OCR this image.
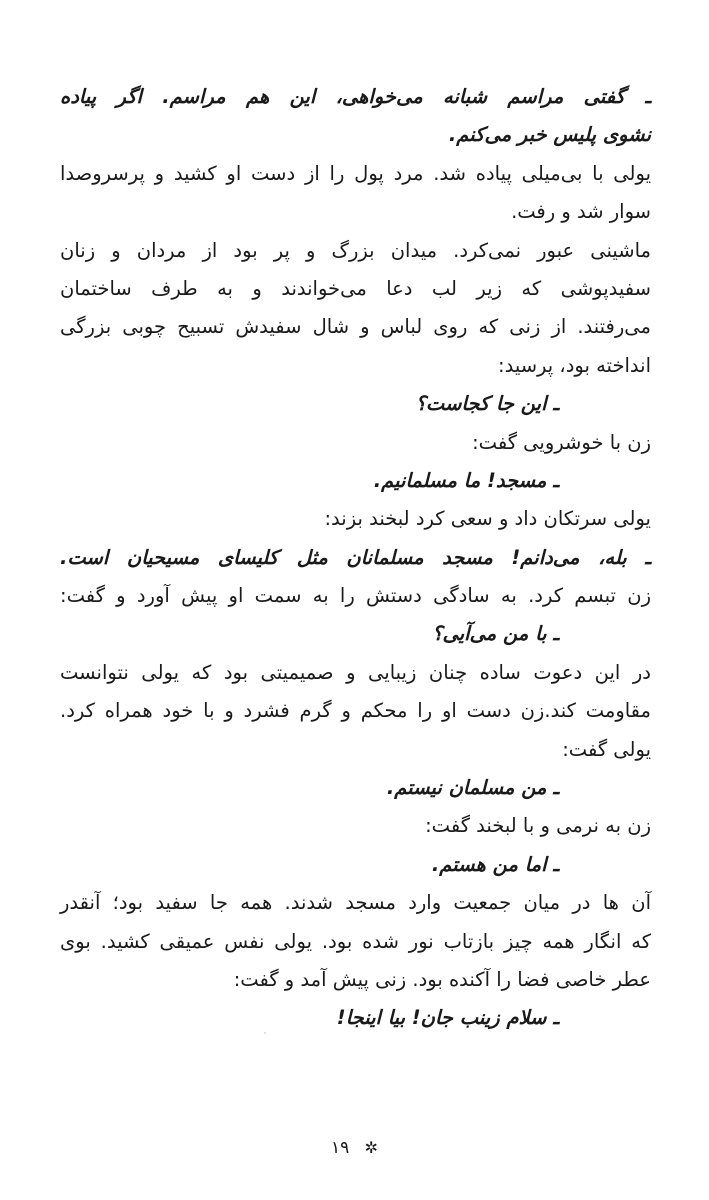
ـ گفتی مراسم شبانه می‌خواهی، این هم مراسم. اگر پیاده
نشوی پلیس خبر می‌کنم.
یولی با بی‌میلی پیاده شد. مرد پول را از دست او کشید و پرسروصدا
سوار شد و رفت.
ماشینی عبور نمی‌کرد. میدان بزرگ و پر بود از مردان و زنان
سفیدپوشی که زیر لب دعا می‌خواندند و به طرف ساختمان
می‌رفتند. از زنی که روی لباس و شال سفیدش تسبیح چوبی بزرگی
انداخته بود، پرسید:
ـ این جا کجاست؟
زن با خوشرویی گفت:
ـ مسجد! ما مسلمانیم.
یولی سرتکان داد و سعی کرد لبخند بزند:
ـ بله، می‌دانم! مسجد مسلمانان مثل کلیسای مسیحیان است.
زن تبسم کرد. به سادگی دستش را به سمت او پیش آورد و گفت:
ـ با من می‌آیی؟
در این دعوت ساده چنان زیبایی و صمیمیتی بود که یولی نتوانست
مقاومت کند.زن دست او را محکم و گرم فشرد و با خود همراه کرد.
یولی گفت:
ـ من مسلمان نیستم.
زن به نرمی و با لبخند گفت:
ـ اما من هستم.
آن ها در میان جمعیت وارد مسجد شدند. همه جا سفید بود؛ آنقدر
که انگار همه چیز بازتاب نور شده بود. یولی نفس عمیقی کشید. بوی
عطر خاصی فضا را آکنده بود. زنی پیش آمد و گفت:
ـ سلام زینب جان! بیا اینجا!
✲ ۱۹
